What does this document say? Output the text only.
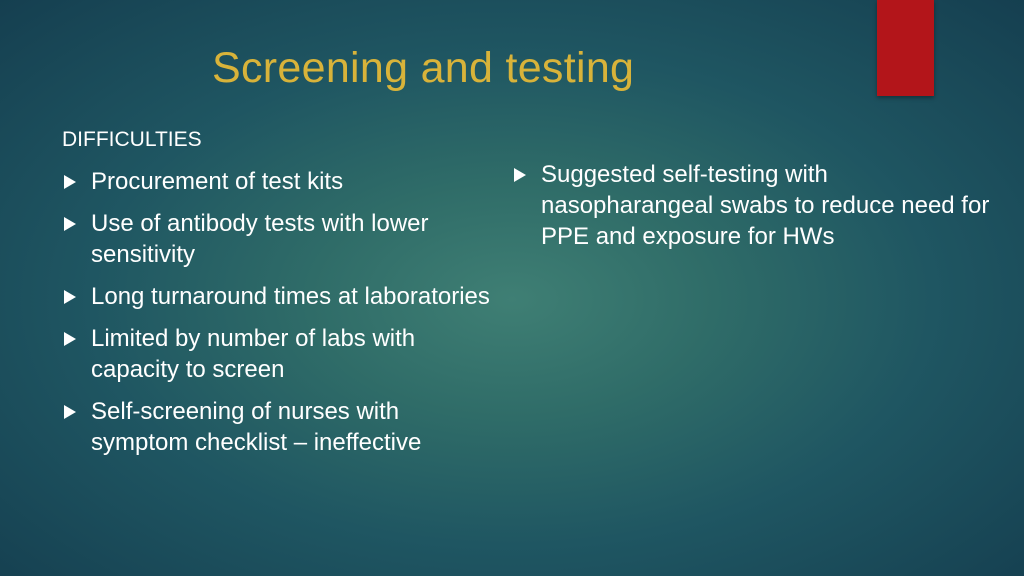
Screening and testing
DIFFICULTIES
Procurement of test kits
Use of antibody tests with lower sensitivity
Long turnaround times at laboratories
Limited by number of labs with capacity to screen
Self-screening of nurses with symptom checklist – ineffective
Suggested self-testing with nasopharangeal swabs to reduce need for PPE and exposure for HWs
